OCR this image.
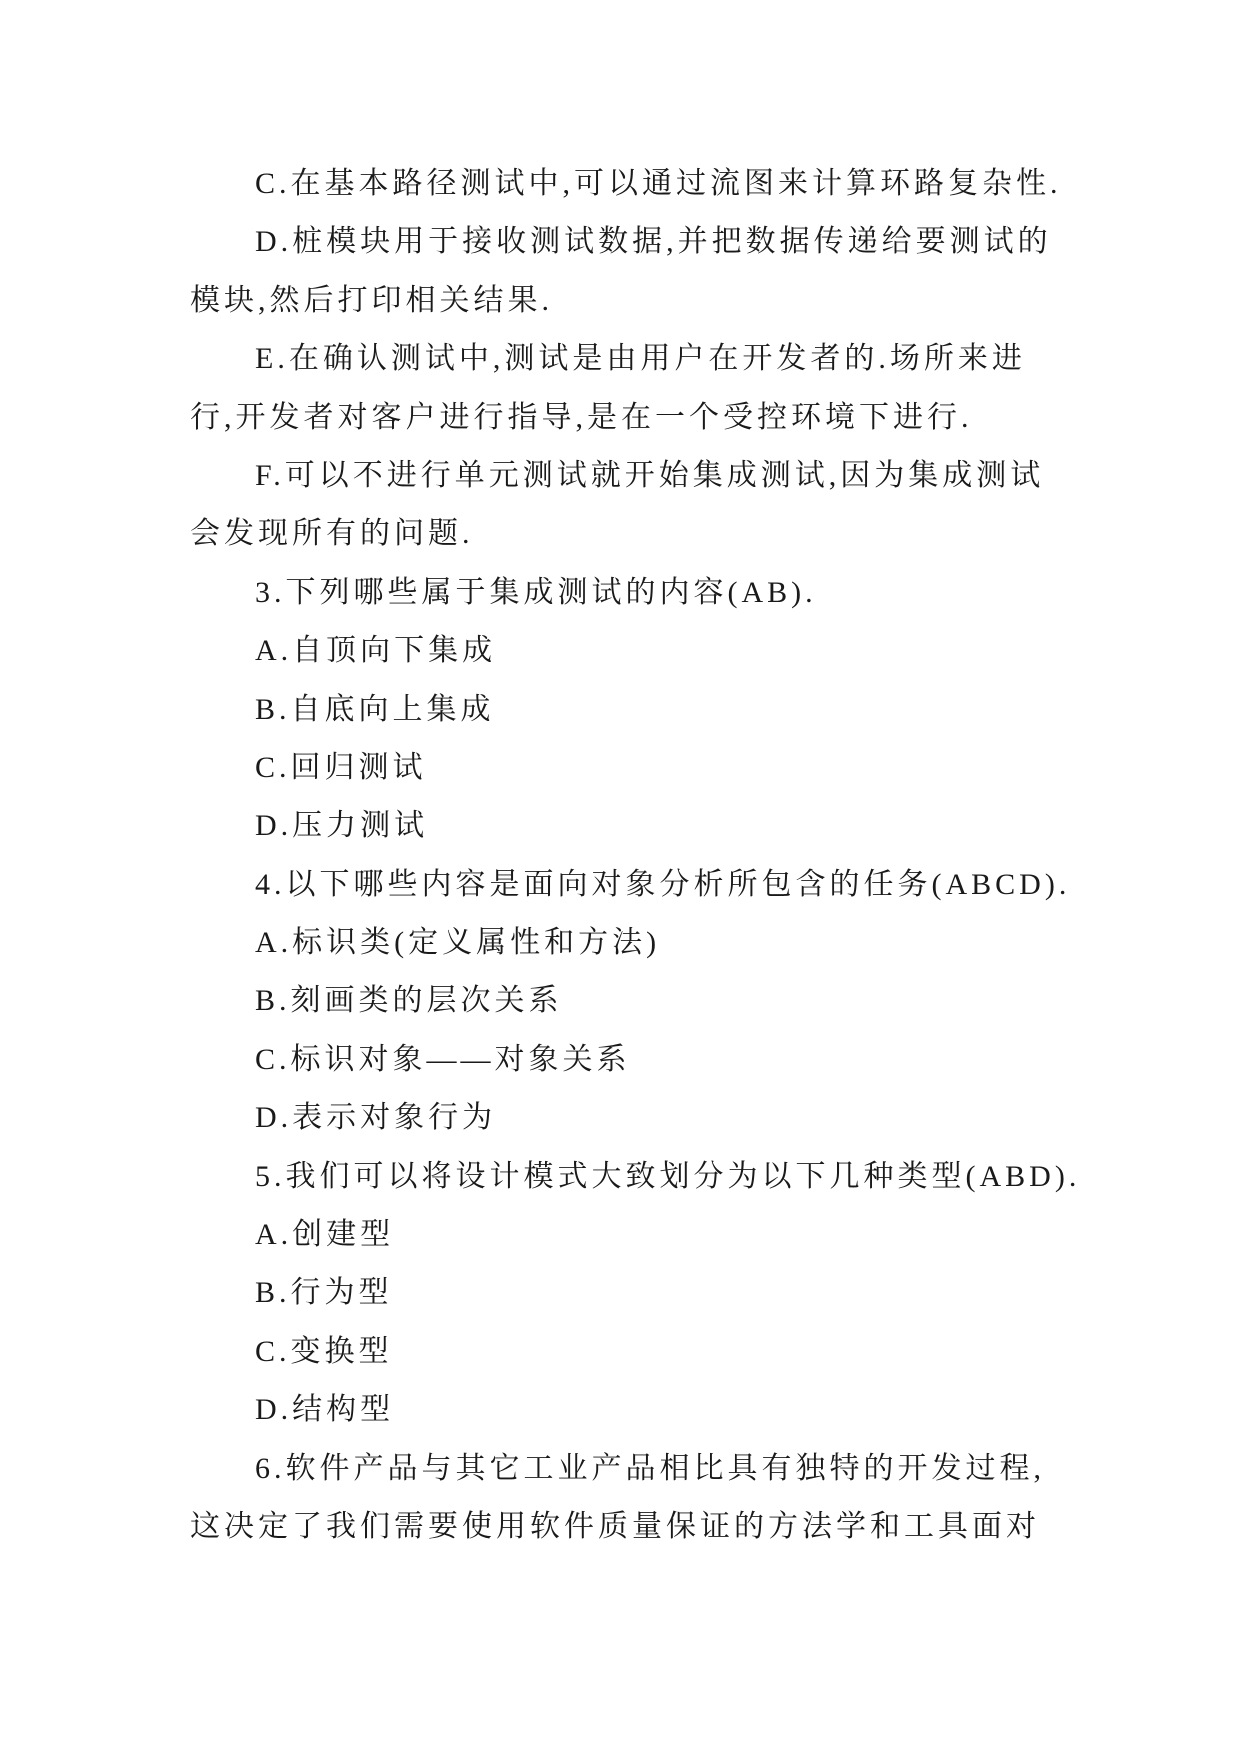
C.在基本路径测试中,可以通过流图来计算环路复杂性.
D.桩模块用于接收测试数据,并把数据传递给要测试的
模块,然后打印相关结果.
E.在确认测试中,测试是由用户在开发者的.场所来进
行,开发者对客户进行指导,是在一个受控环境下进行.
F.可以不进行单元测试就开始集成测试,因为集成测试
会发现所有的问题.
3.下列哪些属于集成测试的内容(AB).
A.自顶向下集成
B.自底向上集成
C.回归测试
D.压力测试
4.以下哪些内容是面向对象分析所包含的任务(ABCD).
A.标识类(定义属性和方法)
B.刻画类的层次关系
C.标识对象——对象关系
D.表示对象行为
5.我们可以将设计模式大致划分为以下几种类型(ABD).
A.创建型
B.行为型
C.变换型
D.结构型
6.软件产品与其它工业产品相比具有独特的开发过程,
这决定了我们需要使用软件质量保证的方法学和工具面对
